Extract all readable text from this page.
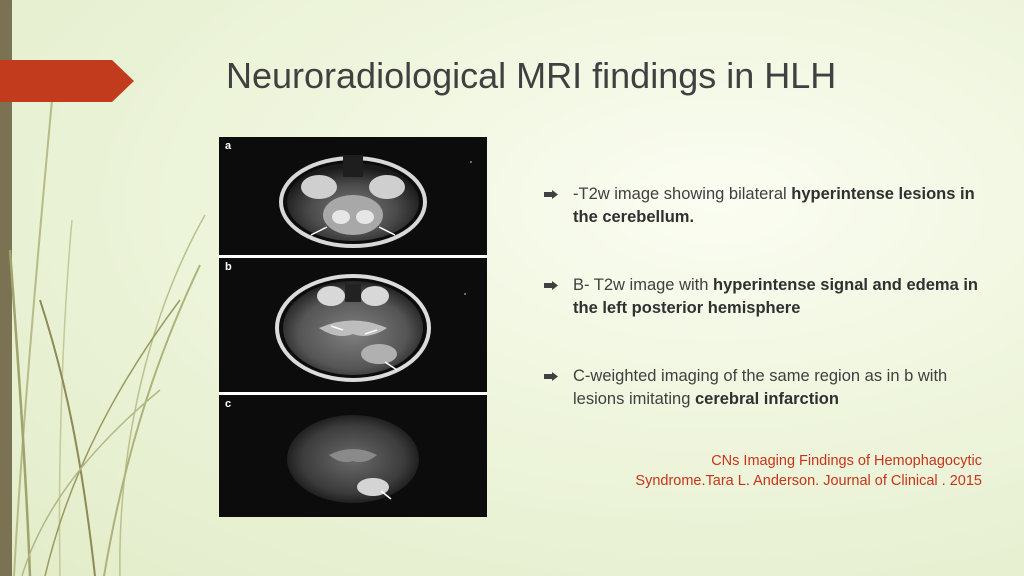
Neuroradiological MRI findings in HLH
a
b
c
-T2w image showing bilateral hyperintense lesions in the cerebellum.
B- T2w image with hyperintense signal and edema in the left posterior hemisphere
C-weighted imaging of the same region as in b with lesions imitating cerebral infarction
CNs Imaging Findings of Hemophagocytic
Syndrome.Tara L. Anderson. Journal of Clinical . 2015
